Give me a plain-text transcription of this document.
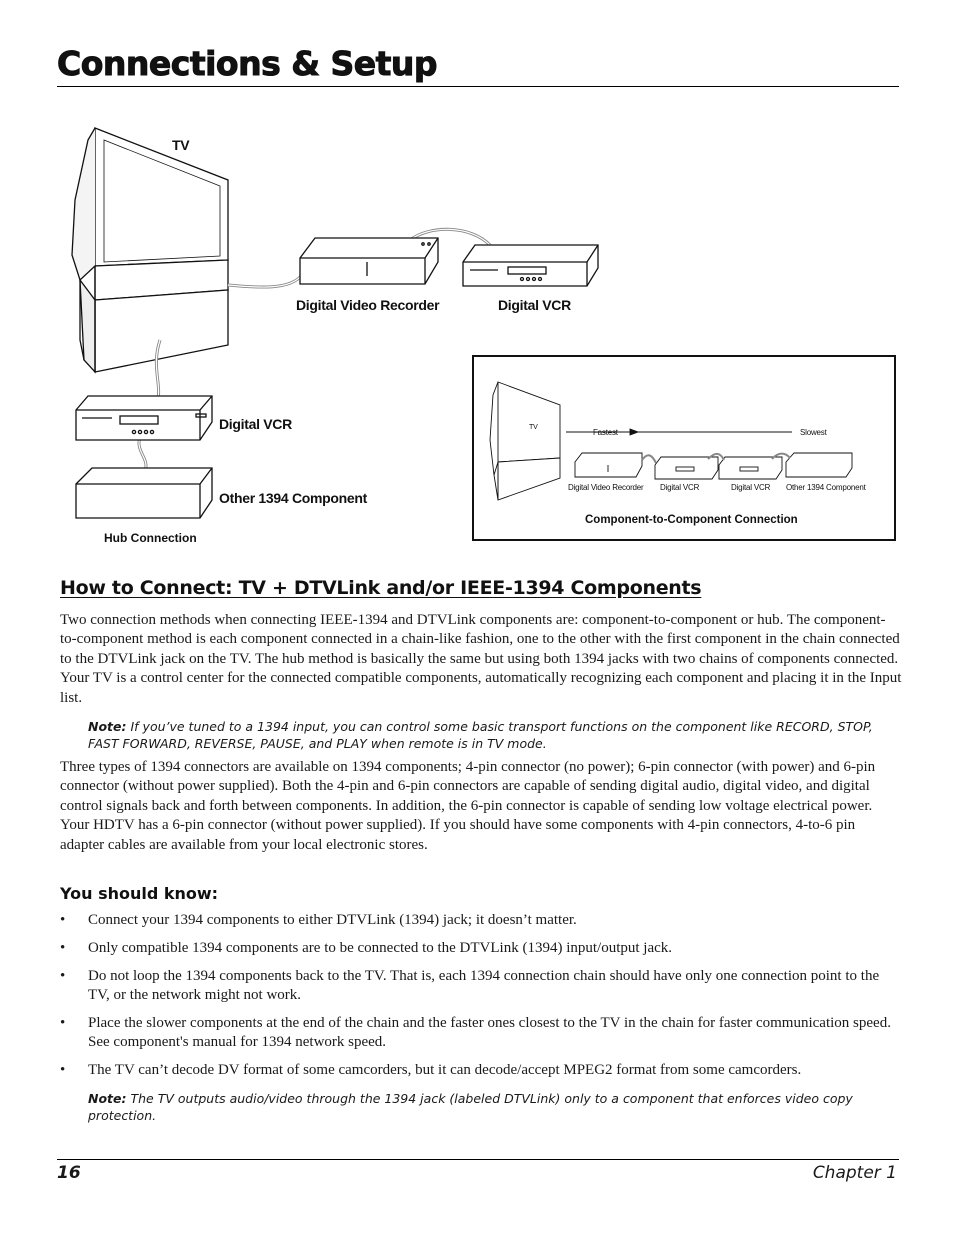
Connections & Setup
TV
Digital Video Recorder	Digital VCR
Digital VCR
Other 1394 Component
Hub Connection
TV
Fastest	Slowest
Digital Video Recorder Digital VCR	Digital VCR Other 1394 Component
Component-to-Component Connection
How to Connect: TV + DTVLink and/or IEEE-1394 Components

Two connection methods when connecting IEEE-1394 and DTVLink components are: component-to-component or hub. The component-to-component method is each component connected in a chain-like fashion, one to the other with the first component in the chain connected to the DTVLink jack on the TV. The hub method is basically the same but using both 1394 jacks with two chains of components connected. Your TV is a control center for the connected compatible components, automatically recognizing each component and placing it in the Input list.

Note: If you’ve tuned to a 1394 input, you can control some basic transport functions on the component like RECORD, STOP, FAST FORWARD, REVERSE, PAUSE, and PLAY when remote is in TV mode.

Three types of 1394 connectors are available on 1394 components; 4-pin connector (no power); 6-pin connector (with power) and 6-pin connector (without power supplied). Both the 4-pin and 6-pin connectors are capable of sending digital audio, digital video, and digital control signals back and forth between components. In addition, the 6-pin connector is capable of sending low voltage electrical power. Your HDTV has a 6-pin connector (without power supplied). If you should have some components with 4-pin connectors, 4-to-6 pin adapter cables are available from your local electronic stores.

You should know:
• Connect your 1394 components to either DTVLink (1394) jack; it doesn’t matter.
• Only compatible 1394 components are to be connected to the DTVLink (1394) input/output jack.
• Do not loop the 1394 components back to the TV. That is, each 1394 connection chain should have only one connection point to the TV, or the network might not work.
• Place the slower components at the end of the chain and the faster ones closest to the TV in the chain for faster communication speed. See component's manual for 1394 network speed.
• The TV can’t decode DV format of some camcorders, but it can decode/accept MPEG2 format from some camcorders.

Note: The TV outputs audio/video through the 1394 jack (labeled DTVLink) only to a component that enforces video copy protection.

16	Chapter 1
